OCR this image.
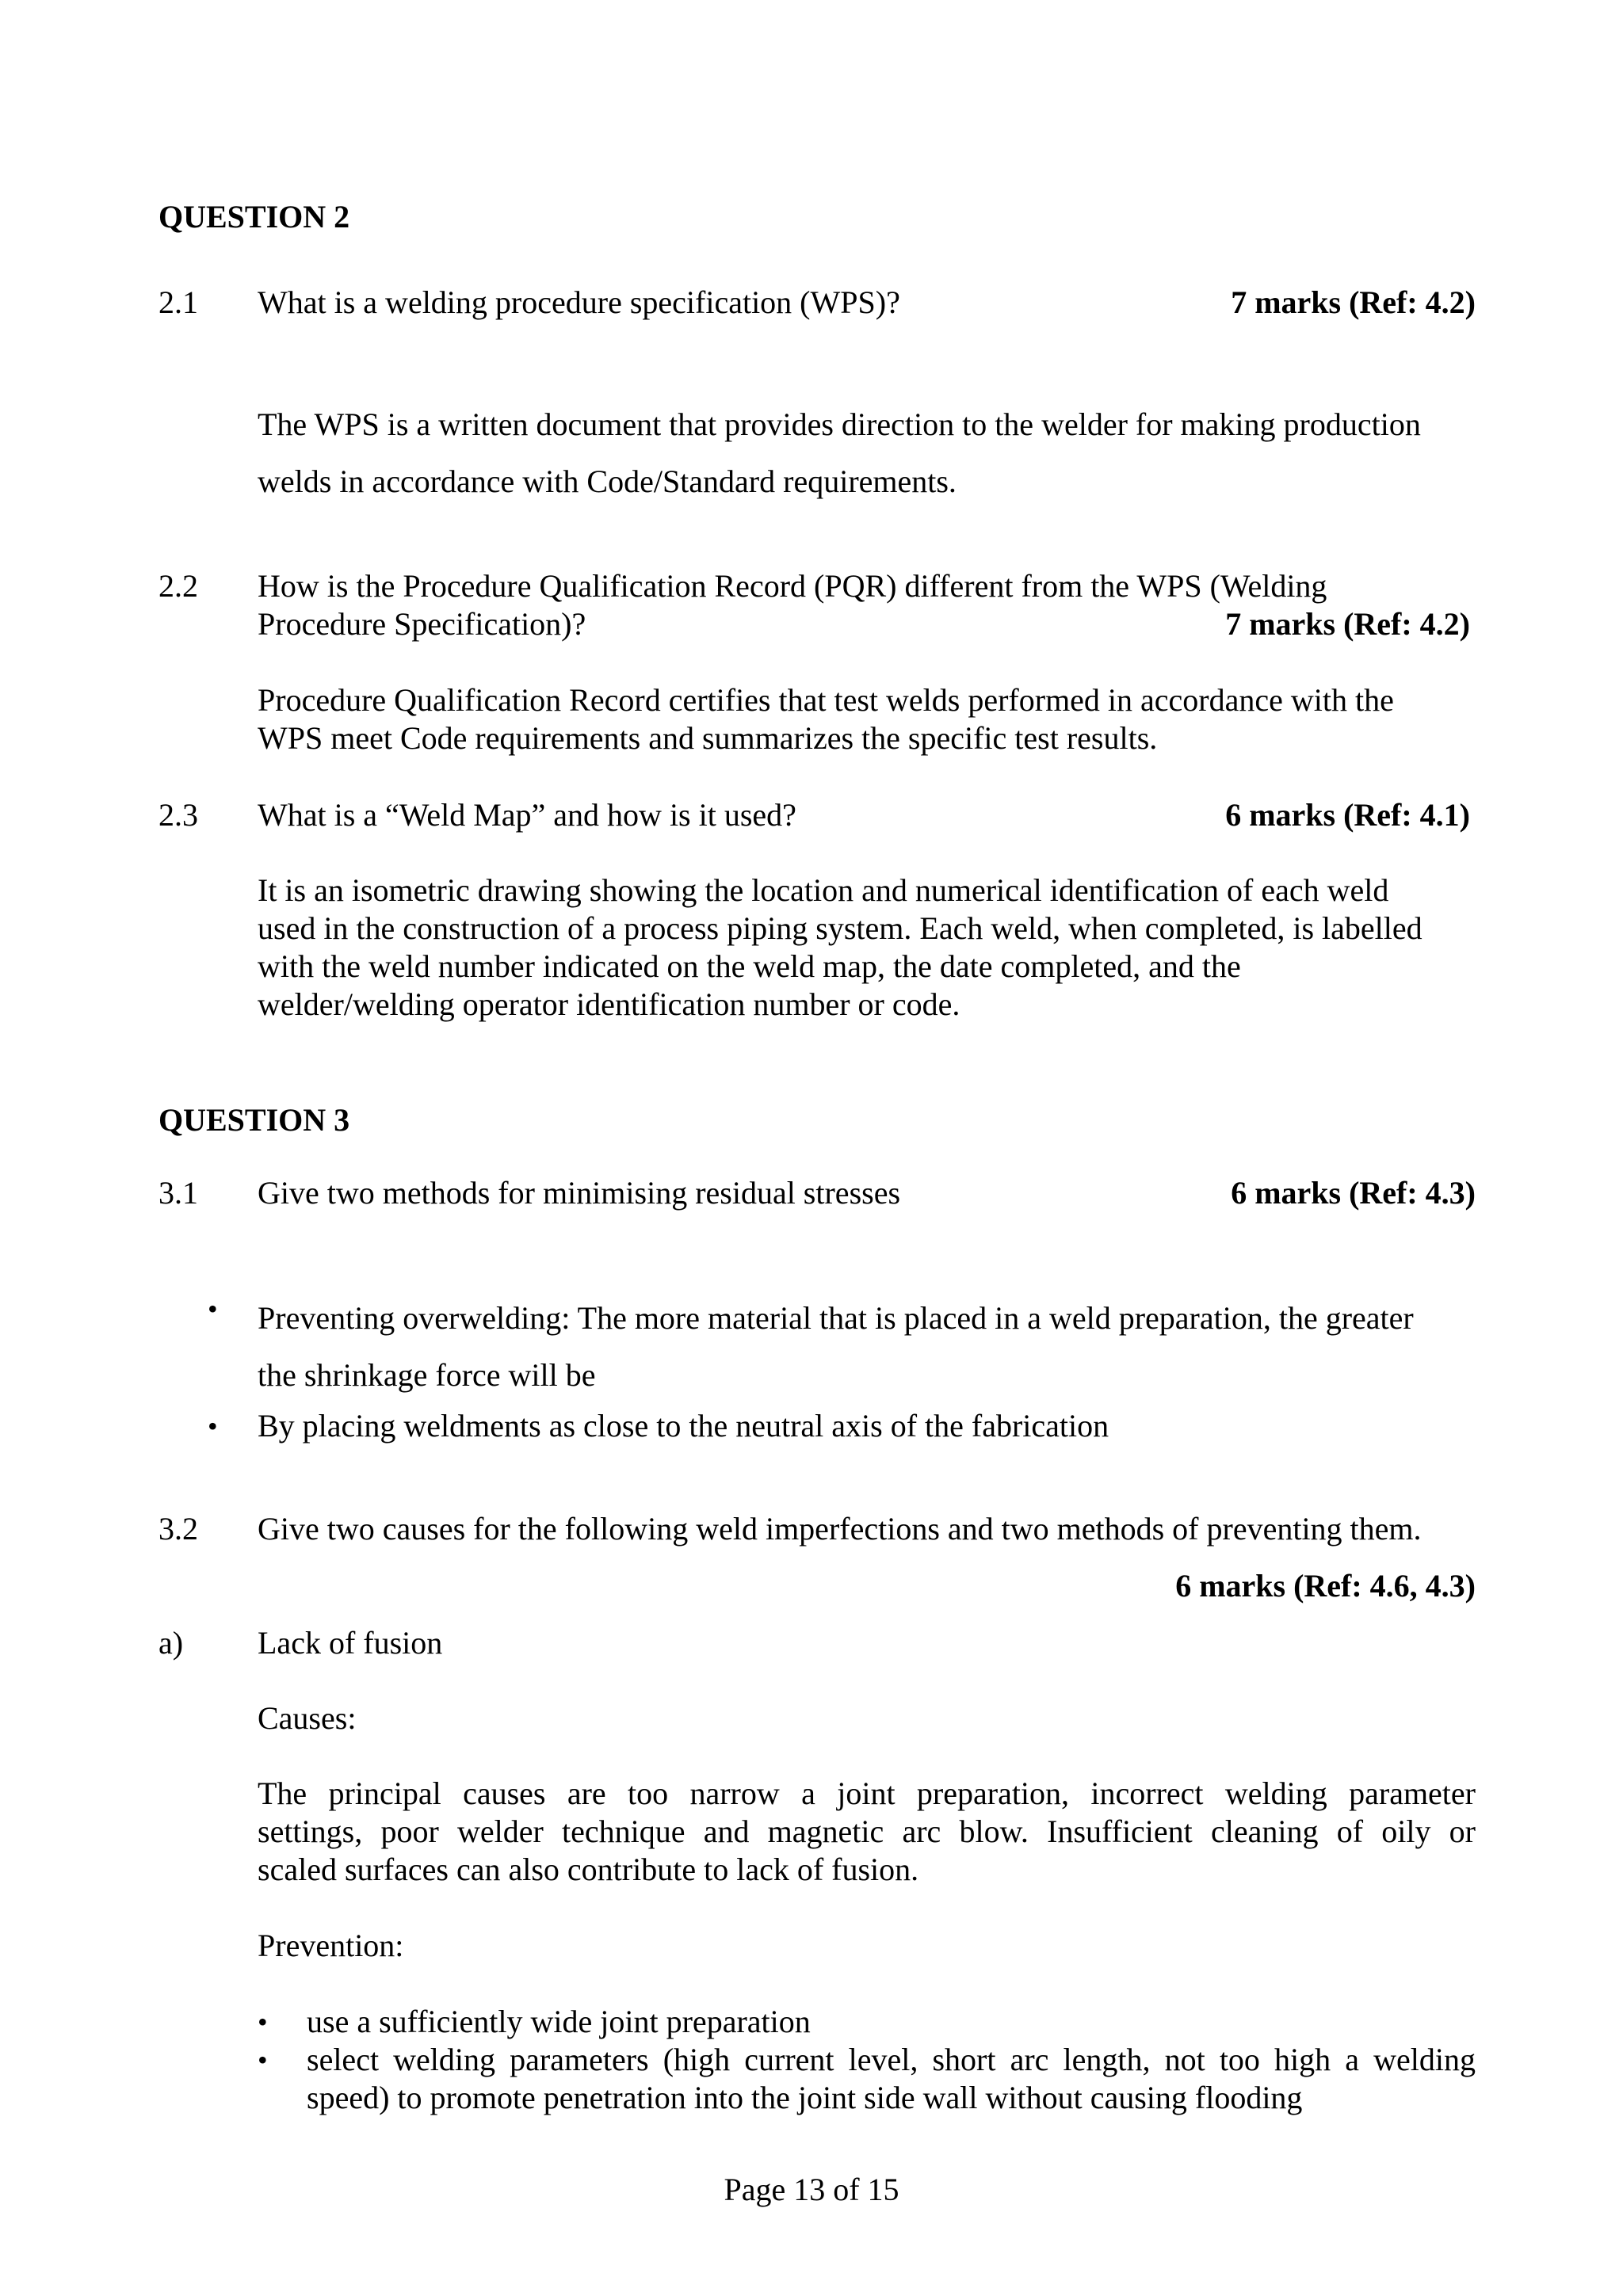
QUESTION 2
2.1 What is a welding procedure specification (WPS)?	7 marks (Ref: 4.2)
The WPS is a written document that provides direction to the welder for making production
welds in accordance with Code/Standard requirements.
2.2 How is the Procedure Qualification Record (PQR) different from the WPS (Welding
Procedure Specification)?	7 marks (Ref: 4.2)
Procedure Qualification Record certifies that test welds performed in accordance with the
WPS meet Code requirements and summarizes the specific test results.
2.3 What is a “Weld Map” and how is it used?	6 marks (Ref: 4.1)
It is an isometric drawing showing the location and numerical identification of each weld
used in the construction of a process piping system. Each weld, when completed, is labelled
with the weld number indicated on the weld map, the date completed, and the
welder/welding operator identification number or code.
QUESTION 3
3.1 Give two methods for minimising residual stresses	6 marks (Ref: 4.3)
• Preventing overwelding: The more material that is placed in a weld preparation, the greater
the shrinkage force will be
• By placing weldments as close to the neutral axis of the fabrication
3.2 Give two causes for the following weld imperfections and two methods of preventing them.
6 marks (Ref: 4.6, 4.3)
a) Lack of fusion
Causes:
The principal causes are too narrow a joint preparation, incorrect welding parameter
settings, poor welder technique and magnetic arc blow. Insufficient cleaning of oily or
scaled surfaces can also contribute to lack of fusion.
Prevention:
• use a sufficiently wide joint preparation
• select welding parameters (high current level, short arc length, not too high a welding
speed) to promote penetration into the joint side wall without causing flooding
Page 13 of 15
